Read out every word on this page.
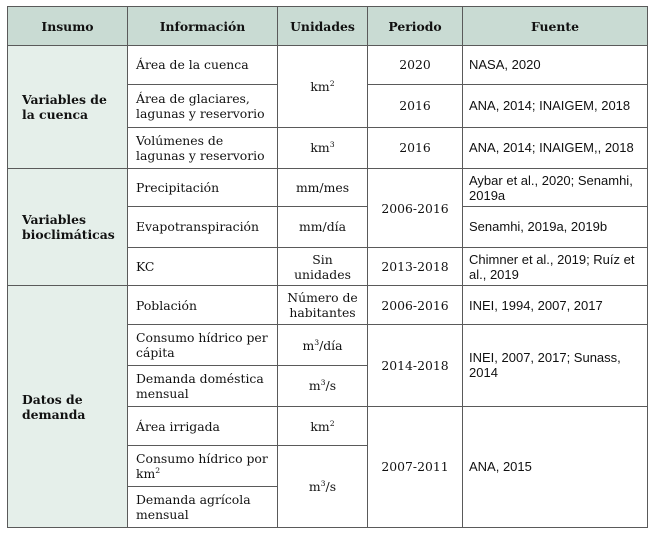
Insumo	Información	Unidades	Periodo	Fuente
Variables de la cuenca	Área de la cuenca	$km^2$	2020	NASA, 2020
	Área de glaciares, lagunas y reservorio		2016	ANA, 2014; INAIGEM, 2018
	Volúmenes de lagunas y reservorio	$km^3$	2016	ANA, 2014; INAIGEM,, 2018
Variables bioclimáticas	Precipitación	mm/mes	2006-2016	Aybar et al., 2020; Senamhi, 2019a
	Evapotranspiración	mm/día		Senamhi, 2019a, 2019b
	KC	Sin unidades	2013-2018	Chimner et al., 2019; Ruíz et al., 2019
Datos de demanda	Población	Número de habitantes	2006-2016	INEI, 1994, 2007, 2017
	Consumo hídrico per cápita	$m^3$/día	2014-2018	INEI, 2007, 2017; Sunass, 2014
	Demanda doméstica mensual	$m^3/s$		
	Área irrigada	$km^2$	2007-2011	ANA, 2015
	Consumo hídrico por $km^2$	$m^3/s$		
	Demanda agrícola mensual			
